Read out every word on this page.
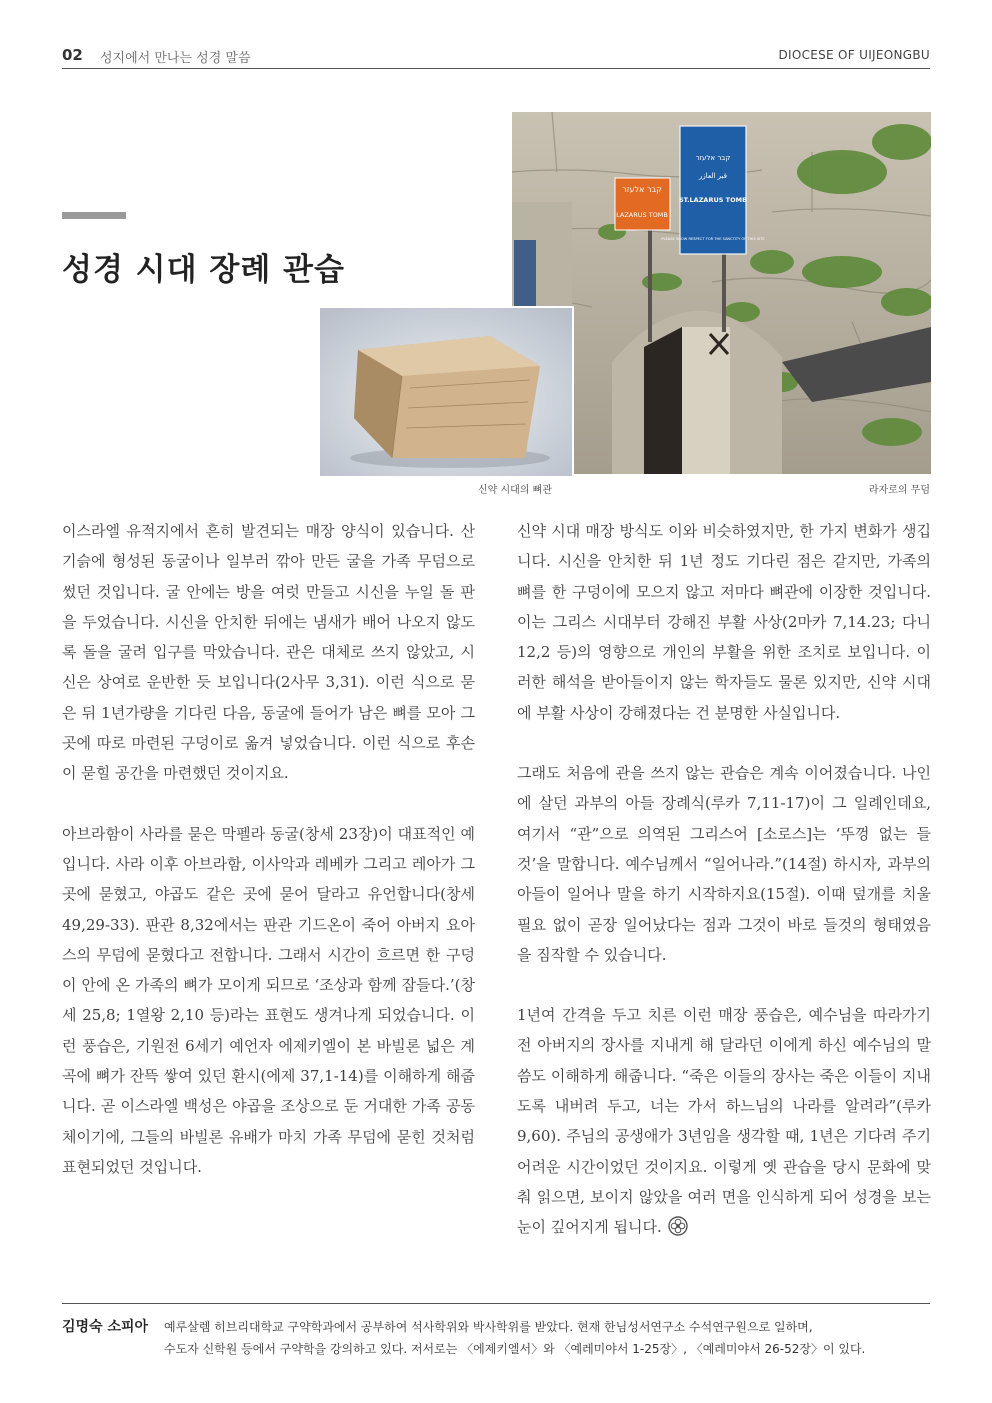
02 성지에서 만나는 성경 말씀	DIOCESE OF UIJEONGBU
성경 시대 장례 관습
קבר אלעזר
LAZARUS TOMB
קבר אלעזר
قبر العازر
ST.LAZARUS TOMB
PLEASE SHOW RESPECT FOR THE SANCTITY OF THIS SITE
신약 시대의 뼈관	라자로의 무덤

이스라엘 유적지에서 흔히 발견되는 매장 양식이 있습니다. 산기슭에 형성된 동굴이나 일부러 깎아 만든 굴을 가족 무덤으로 썼던 것입니다. 굴 안에는 방을 여럿 만들고 시신을 누일 돌 판을 두었습니다. 시신을 안치한 뒤에는 냄새가 배어 나오지 않도록 돌을 굴려 입구를 막았습니다. 관은 대체로 쓰지 않았고, 시신은 상여로 운반한 듯 보입니다(2사무 3,31). 이런 식으로 묻은 뒤 1년가량을 기다린 다음, 동굴에 들어가 남은 뼈를 모아 그곳에 따로 마련된 구덩이로 옮겨 넣었습니다. 이런 식으로 후손이 묻힐 공간을 마련했던 것이지요.

아브라함이 사라를 묻은 막펠라 동굴(창세 23장)이 대표적인 예입니다. 사라 이후 아브라함, 이사악과 레베카 그리고 레아가 그곳에 묻혔고, 야곱도 같은 곳에 묻어 달라고 유언합니다(창세 49,29-33). 판관 8,32에서는 판관 기드온이 죽어 아버지 요아스의 무덤에 묻혔다고 전합니다. 그래서 시간이 흐르면 한 구덩이 안에 온 가족의 뼈가 모이게 되므로 ‘조상과 함께 잠들다.’(창세 25,8; 1열왕 2,10 등)라는 표현도 생겨나게 되었습니다. 이런 풍습은, 기원전 6세기 예언자 에제키엘이 본 바빌론 넓은 계곡에 뼈가 잔뜩 쌓여 있던 환시(에제 37,1-14)를 이해하게 해줍니다. 곧 이스라엘 백성은 야곱을 조상으로 둔 거대한 가족 공동체이기에, 그들의 바빌론 유배가 마치 가족 무덤에 묻힌 것처럼 표현되었던 것입니다.

신약 시대 매장 방식도 이와 비슷하였지만, 한 가지 변화가 생깁니다. 시신을 안치한 뒤 1년 정도 기다린 점은 같지만, 가족의 뼈를 한 구덩이에 모으지 않고 저마다 뼈관에 이장한 것입니다. 이는 그리스 시대부터 강해진 부활 사상(2마카 7,14.23; 다니 12,2 등)의 영향으로 개인의 부활을 위한 조치로 보입니다. 이러한 해석을 받아들이지 않는 학자들도 물론 있지만, 신약 시대에 부활 사상이 강해졌다는 건 분명한 사실입니다.

그래도 처음에 관을 쓰지 않는 관습은 계속 이어졌습니다. 나인에 살던 과부의 아들 장례식(루카 7,11-17)이 그 일례인데요, 여기서 “관”으로 의역된 그리스어 [소로스]는 ‘뚜껑 없는 들것’을 말합니다. 예수님께서 “일어나라.”(14절) 하시자, 과부의 아들이 일어나 말을 하기 시작하지요(15절). 이때 덮개를 치울 필요 없이 곧장 일어났다는 점과 그것이 바로 들것의 형태였음을 짐작할 수 있습니다.

1년여 간격을 두고 치른 이런 매장 풍습은, 예수님을 따라가기 전 아버지의 장사를 지내게 해 달라던 이에게 하신 예수님의 말씀도 이해하게 해줍니다. “죽은 이들의 장사는 죽은 이들이 지내도록 내버려 두고, 너는 가서 하느님의 나라를 알려라”(루카 9,60). 주님의 공생애가 3년임을 생각할 때, 1년은 기다려 주기 어려운 시간이었던 것이지요. 이렇게 옛 관습을 당시 문화에 맞춰 읽으면, 보이지 않았을 여러 면을 인식하게 되어 성경을 보는 눈이 깊어지게 됩니다.

김명숙 소피아 예루살렘 히브리대학교 구약학과에서 공부하여 석사학위와 박사학위를 받았다. 현재 한님성서연구소 수석연구원으로 일하며,
수도자 신학원 등에서 구약학을 강의하고 있다. 저서로는 〈에제키엘서〉와 〈예레미야서 1-25장〉, 〈예레미야서 26-52장〉이 있다.
